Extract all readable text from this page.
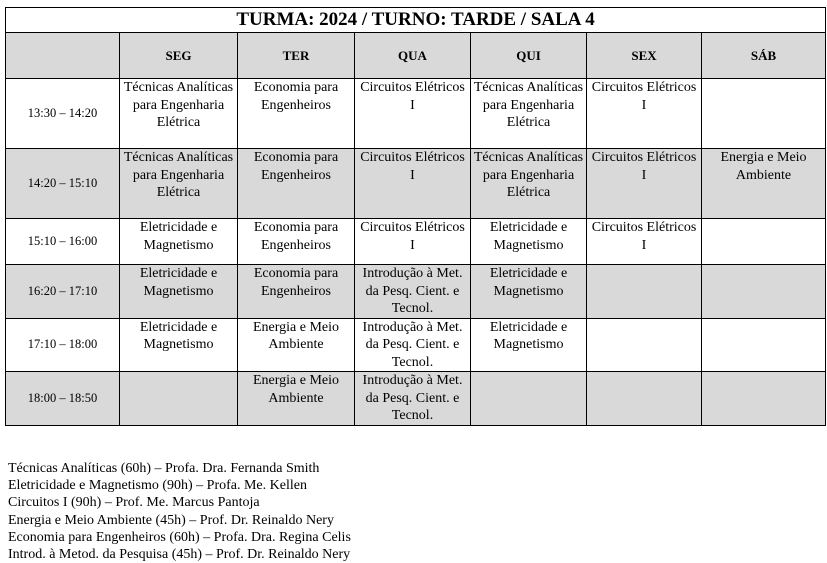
TURMA: 2024 / TURNO: TARDE / SALA 4						
	SEG	TER	QUA	QUI	SEX	SÁB
13:30 – 14:20	Técnicas Analíticas para Engenharia Elétrica	Economia para Engenheiros	Circuitos Elétricos I	Técnicas Analíticas para Engenharia Elétrica	Circuitos Elétricos I	
14:20 – 15:10	Técnicas Analíticas para Engenharia Elétrica	Economia para Engenheiros	Circuitos Elétricos I	Técnicas Analíticas para Engenharia Elétrica	Circuitos Elétricos I	Energia e Meio Ambiente
15:10 – 16:00	Eletricidade e Magnetismo	Economia para Engenheiros	Circuitos Elétricos I	Eletricidade e Magnetismo	Circuitos Elétricos I	
16:20 – 17:10	Eletricidade e Magnetismo	Economia para Engenheiros	Introdução à Met. da Pesq. Cient. e Tecnol.	Eletricidade e Magnetismo		
17:10 – 18:00	Eletricidade e Magnetismo	Energia e Meio Ambiente	Introdução à Met. da Pesq. Cient. e Tecnol.	Eletricidade e Magnetismo		
18:00 – 18:50		Energia e Meio Ambiente	Introdução à Met. da Pesq. Cient. e Tecnol.			
Técnicas Analíticas (60h) – Profa. Dra. Fernanda Smith
Eletricidade e Magnetismo (90h) – Profa. Me. Kellen
Circuitos I (90h) – Prof. Me. Marcus Pantoja
Energia e Meio Ambiente (45h) – Prof. Dr. Reinaldo Nery
Economia para Engenheiros (60h) – Profa. Dra. Regina Celis
Introd. à Metod. da Pesquisa (45h) – Prof. Dr. Reinaldo Nery
